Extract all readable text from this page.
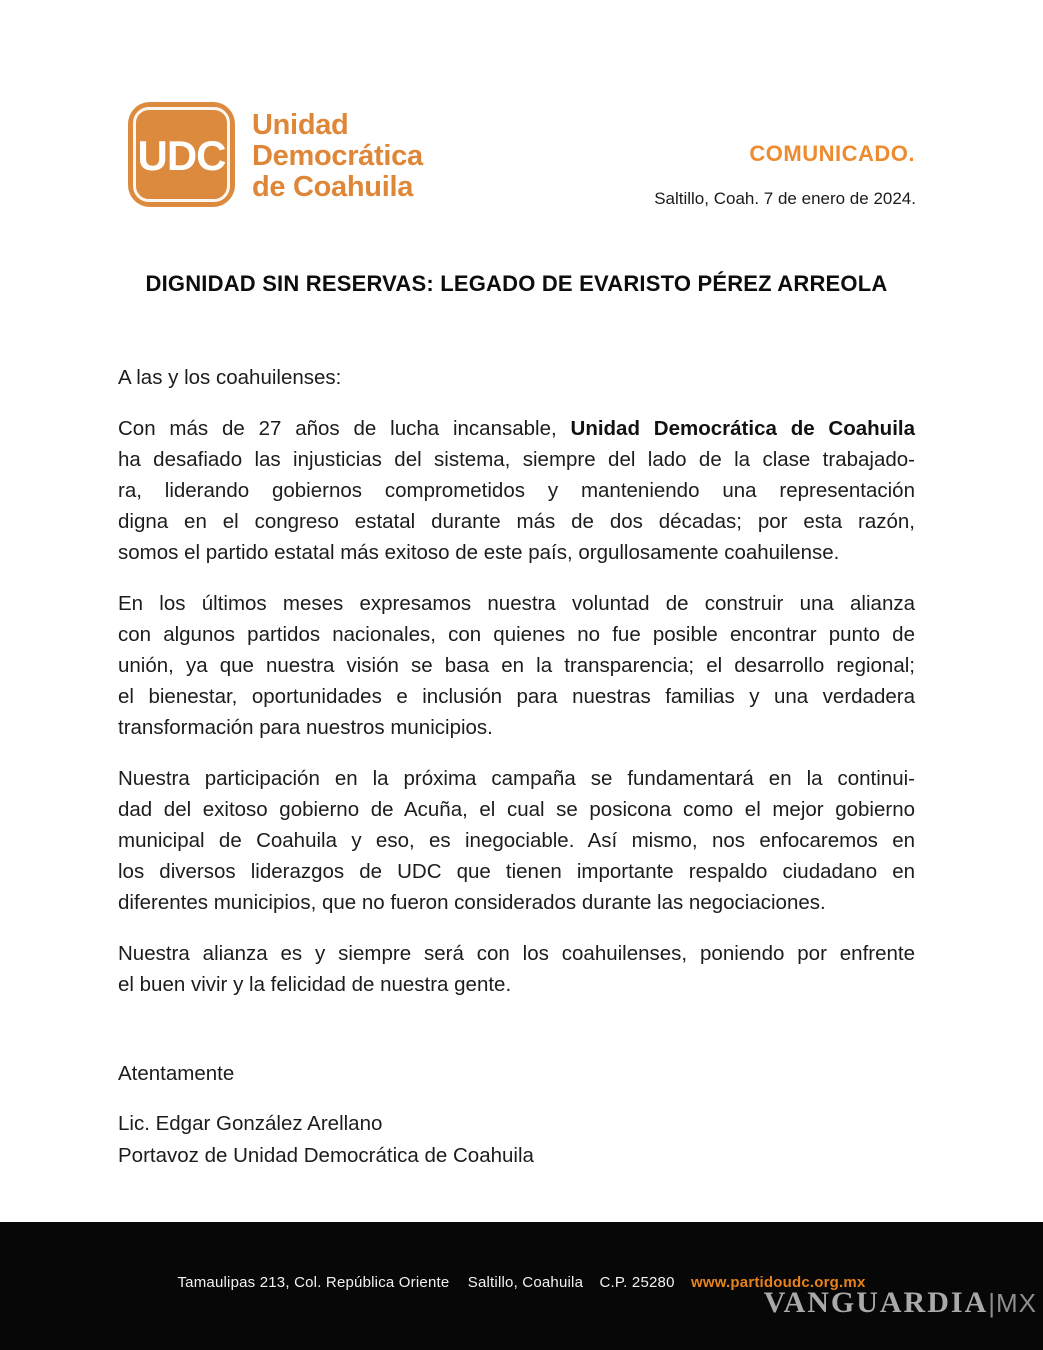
UDC
Unidad
Democrática
de Coahuila
COMUNICADO.
Saltillo, Coah. 7 de enero de 2024.
DIGNIDAD SIN RESERVAS: LEGADO DE EVARISTO PÉREZ ARREOLA
A las y los coahuilenses:
Con más de 27 años de lucha incansable, Unidad Democrática de Coahuila
ha desafiado las injusticias del sistema, siempre del lado de la clase trabajado-
ra, liderando gobiernos comprometidos y manteniendo una representación
digna en el congreso estatal durante más de dos décadas; por esta razón,
somos el partido estatal más exitoso de este país, orgullosamente coahuilense.
En los últimos meses expresamos nuestra voluntad de construir una alianza
con algunos partidos nacionales, con quienes no fue posible encontrar punto de
unión, ya que nuestra visión se basa en la transparencia; el desarrollo regional;
el bienestar, oportunidades e inclusión para nuestras familias y una verdadera
transformación para nuestros municipios.
Nuestra participación en la próxima campaña se fundamentará en la continui-
dad del exitoso gobierno de Acuña, el cual se posicona como el mejor gobierno
municipal de Coahuila y eso, es inegociable. Así mismo, nos enfocaremos en
los diversos liderazgos de UDC que tienen importante respaldo ciudadano en
diferentes municipios, que no fueron considerados durante las negociaciones.
Nuestra alianza es y siempre será con los coahuilenses, poniendo por enfrente
el buen vivir y la felicidad de nuestra gente.
Atentamente
Lic. Edgar González Arellano
Portavoz de Unidad Democrática de Coahuila
Tamaulipas 213, Col. República Oriente Saltillo, Coahuila C.P. 25280 www.partidoudc.org.mx
VANGUARDIA|MX
